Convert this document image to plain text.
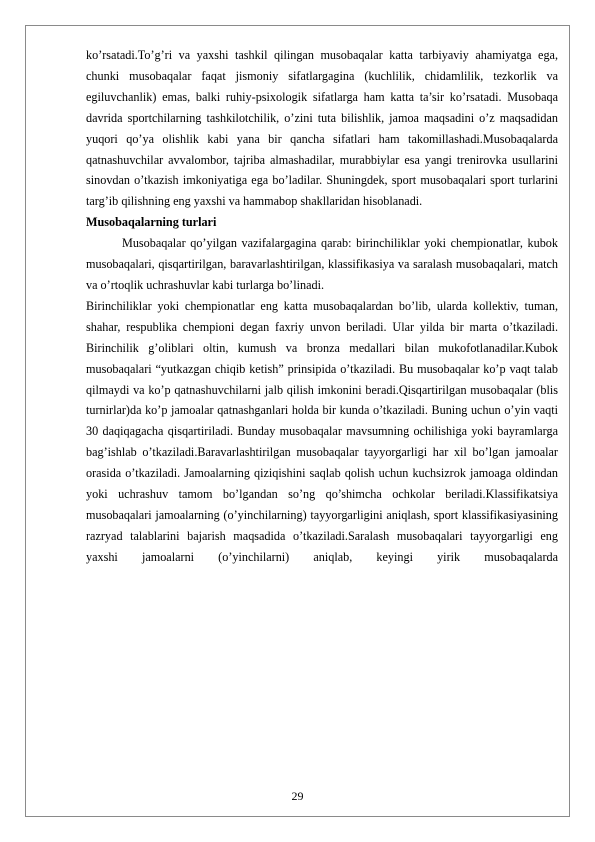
ko’rsatadi.To’g’ri va yaxshi tashkil qilingan musobaqalar katta tarbiyaviy ahamiyatga ega, chunki musobaqalar faqat jismoniy sifatlargagina (kuchlilik, chidamlilik, tezkorlik va egiluvchanlik) emas, balki ruhiy-psixologik sifatlarga ham katta ta’sir ko’rsatadi. Musobaqa davrida sportchilarning tashkilotchilik, o’zini tuta bilishlik, jamoa maqsadini o’z maqsadidan yuqori qo’ya olishlik kabi yana bir qancha sifatlari ham takomillashadi.Musobaqalarda qatnashuvchilar avvalombor, tajriba almashadilar, murabbiylar esa yangi trenirovka usullarini sinovdan o’tkazish imkoniyatiga ega bo’ladilar. Shuningdek, sport musobaqalari sport turlarini targ’ib qilishning eng yaxshi va hammabop shakllaridan hisoblanadi.

Musobaqalarning turlari

Musobaqalar qo’yilgan vazifalargagina qarab: birinchiliklar yoki chempionatlar, kubok musobaqalari, qisqartirilgan, baravarlashtirilgan, klassifikasiya va saralash musobaqalari, match va o’rtoqlik uchrashuvlar kabi turlarga bo’linadi.

Birinchiliklar yoki chempionatlar eng katta musobaqalardan bo’lib, ularda kollektiv, tuman, shahar, respublika chempioni degan faxriy unvon beriladi. Ular yilda bir marta o’tkaziladi. Birinchilik g’oliblari oltin, kumush va bronza medallari bilan mukofotlanadilar.Kubok musobaqalari “yutkazgan chiqib ketish” prinsipida o’tkaziladi. Bu musobaqalar ko’p vaqt talab qilmaydi va ko’p qatnashuvchilarni jalb qilish imkonini beradi.Qisqartirilgan musobaqalar (blis turnirlar)da ko’p jamoalar qatnashganlari holda bir kunda o’tkaziladi. Buning uchun o’yin vaqti 30 daqiqagacha qisqartiriladi. Bunday musobaqalar mavsumning ochilishiga yoki bayramlarga bag’ishlab o’tkaziladi.Baravarlashtirilgan musobaqalar tayyorgarligi har xil bo’lgan jamoalar orasida o’tkaziladi. Jamoalarning qiziqishini saqlab qolish uchun kuchsizrok jamoaga oldindan yoki uchrashuv tamom bo’lgandan so’ng qo’shimcha ochkolar beriladi.Klassifikatsiya musobaqalari jamoalarning (o’yinchilarning) tayyorgarligini aniqlash, sport klassifikasiyasining razryad talablarini bajarish maqsadida o’tkaziladi.Saralash musobaqalari tayyorgarligi eng yaxshi jamoalarni (o’yinchilarni) aniqlab, keyingi yirik musobaqalarda

29
